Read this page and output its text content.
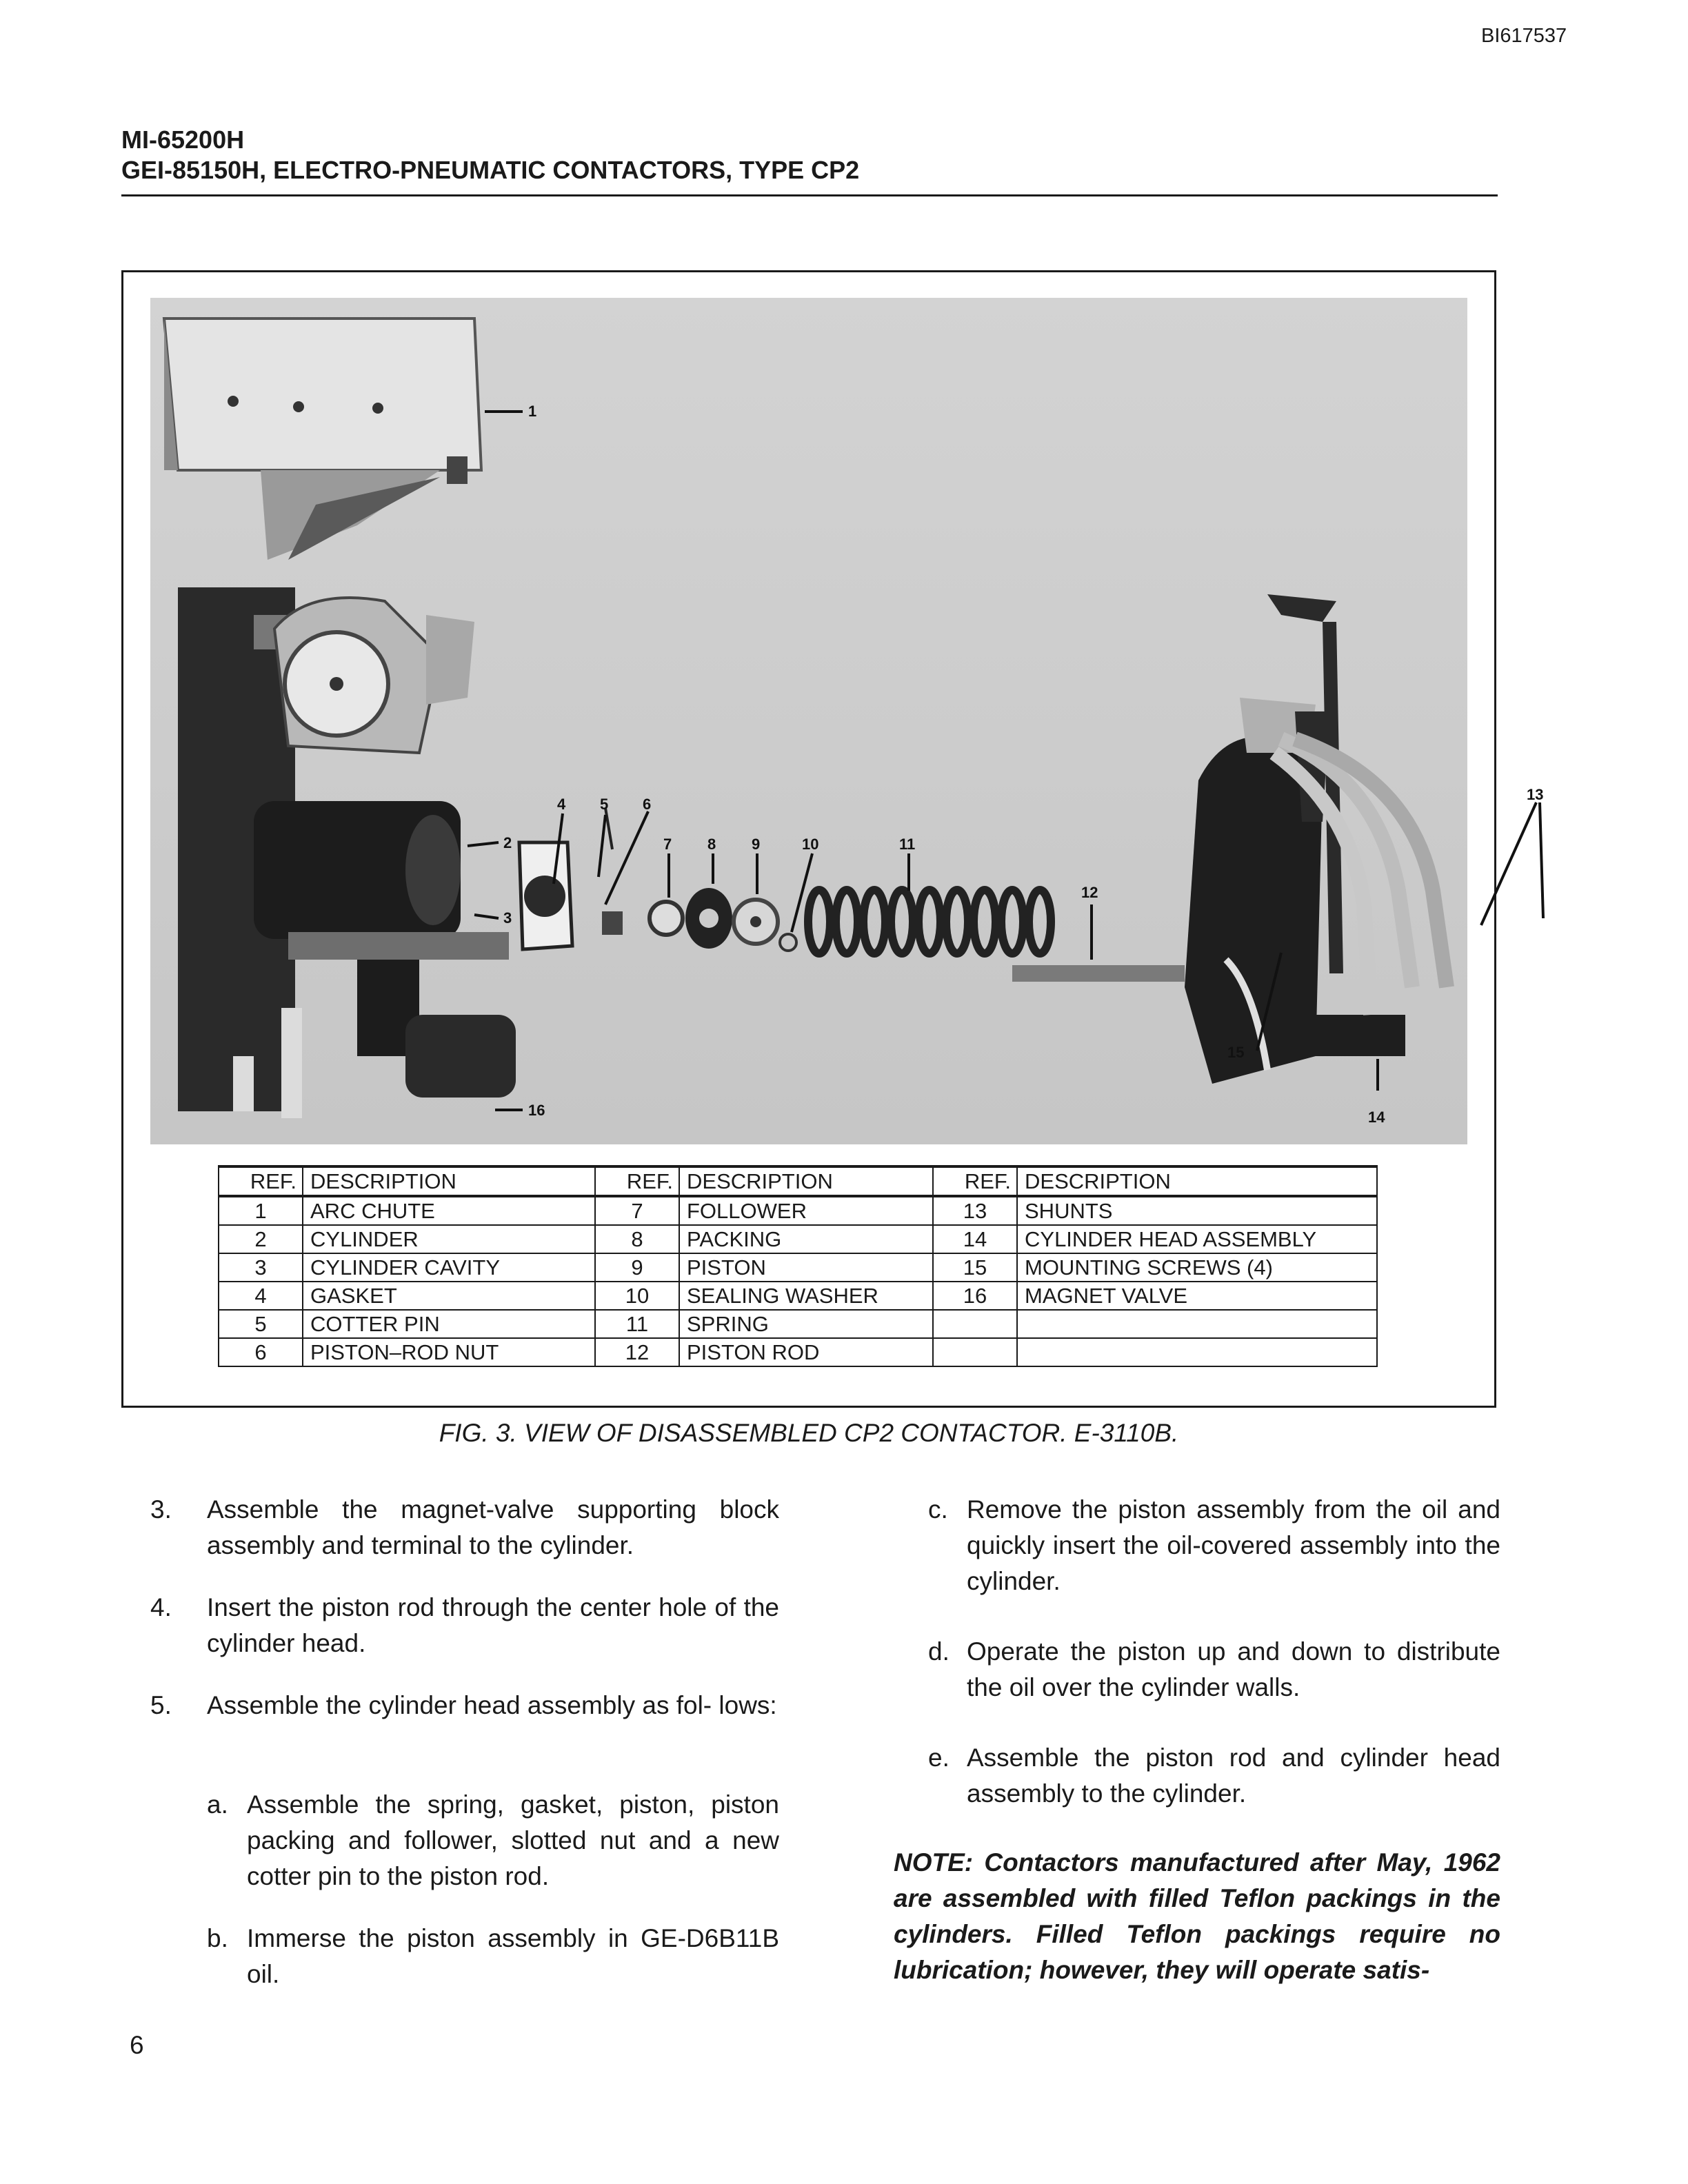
BI617537
MI-65200H
GEI-85150H, ELECTRO-PNEUMATIC CONTACTORS, TYPE CP2
1
2
3
4 5 6
7 8 9	10	11
12
13
14
15
16
REF.	DESCRIPTION	REF.	DESCRIPTION	REF.	DESCRIPTION
1	ARC CHUTE	7	FOLLOWER	13	SHUNTS
2	CYLINDER	8	PACKING	14	CYLINDER HEAD ASSEMBLY
3	CYLINDER CAVITY	9	PISTON	15	MOUNTING SCREWS (4)
4	GASKET	10	SEALING WASHER	16	MAGNET VALVE
5	COTTER PIN	11	SPRING		
6	PISTON–ROD NUT	12	PISTON ROD		
FIG. 3. VIEW OF DISASSEMBLED CP2 CONTACTOR. E-3110B.
3. Assemble the magnet-valve supporting block assembly and terminal to the cylinder.
4. Insert the piston rod through the center hole of the cylinder head.
5. Assemble the cylinder head assembly as fol- lows:
a. Assemble the spring, gasket, piston, piston packing and follower, slotted nut and a new cotter pin to the piston rod.
b. Immerse the piston assembly in GE-D6B11B oil.
c. Remove the piston assembly from the oil and quickly insert the oil-covered assembly into the cylinder.
d. Operate the piston up and down to distribute the oil over the cylinder walls.
e. Assemble the piston rod and cylinder head assembly to the cylinder.
NOTE: Contactors manufactured after May, 1962 are assembled with filled Teflon packings in the cylinders. Filled Teflon packings require no lubrication; however, they will operate satis-
6
